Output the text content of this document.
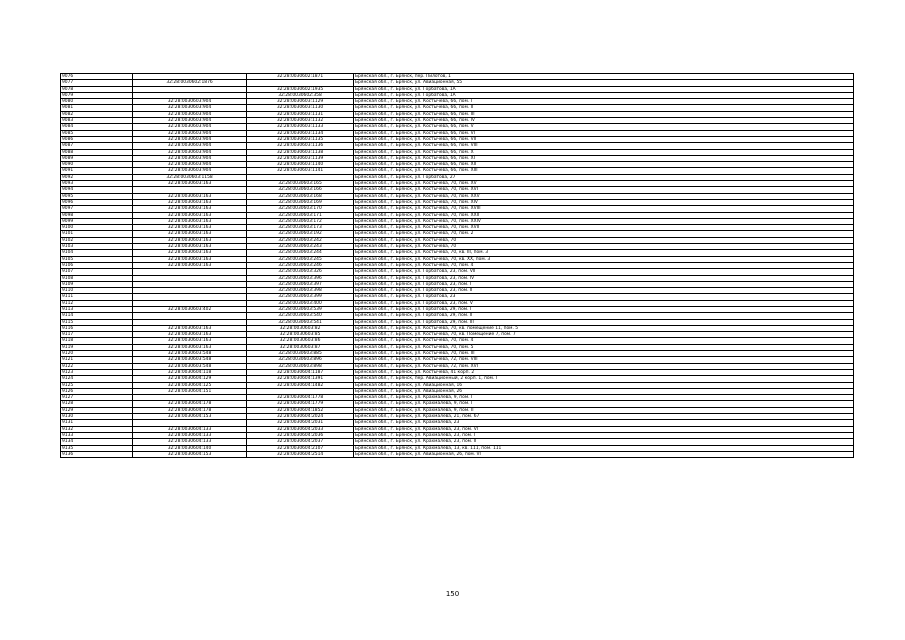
9076		32:28:0030602:1871	Брянская обл., г. Брянск, пер. Пилотов, 1
9077	32:28:0030602:1876		Брянская обл., г. Брянск, ул. Авиационная, 55
9078		32:28:0030602:1935	Брянская обл., г. Брянск, ул. Горбатова, 1А
9079		32:28:0030602:358	Брянская обл., г. Брянск, ул. Горбатова, 1А
9080	32:28:0030603:904	32:28:0030603:1129	Брянская обл., г. Брянск, ул. Костычева, 66, пом. I
9081	32:28:0030603:904	32:28:0030603:1130	Брянская обл., г. Брянск, ул. Костычева, 66, пом. II
9082	32:28:0030603:904	32:28:0030603:1131	Брянская обл., г. Брянск, ул. Костычева, 66, пом. III
9083	32:28:0030603:904	32:28:0030603:1132	Брянская обл., г. Брянск, ул. Костычева, 66, пом. IV
9084	32:28:0030603:904	32:28:0030603:1133	Брянская обл., г. Брянск, ул. Костычева, 66, пом. V
9085	32:28:0030603:904	32:28:0030603:1134	Брянская обл., г. Брянск, ул. Костычева, 66, пом. VI
9086	32:28:0030603:904	32:28:0030603:1135	Брянская обл., г. Брянск, ул. Костычева, 66, пом. VII
9087	32:28:0030603:904	32:28:0030603:1136	Брянская обл., г. Брянск, ул. Костычева, 66, пом. VIII
9088	32:28:0030603:904	32:28:0030603:1138	Брянская обл., г. Брянск, ул. Костычева, 66, пом. X
9089	32:28:0030603:904	32:28:0030603:1139	Брянская обл., г. Брянск, ул. Костычева, 66, пом. XI
9090	32:28:0030603:904	32:28:0030603:1140	Брянская обл., г. Брянск, ул. Костычева, 66, пом. XII
9091	32:28:0030603:904	32:28:0030603:1141	Брянская обл., г. Брянск, ул. Костычева, 66, пом. XIII
9092	32:28:0030603:1158		Брянская обл., г. Брянск, ул. Горбатова, 27
9093	32:28:0030603:163	32:28:0030603:165	Брянская обл., г. Брянск, ул. Костычева, 70, пом. XV
9094		32:28:0030603:166	Брянская обл., г. Брянск, ул. Костычева, 70, пом. XVI
9095	32:28:0030603:163	32:28:0030603:168	Брянская обл., г. Брянск, ул. Костычева, 70, пом. XXV
9096	32:28:0030603:163	32:28:0030603:169	Брянская обл., г. Брянск, ул. Костычева, 70, пом. XIV
9097	32:28:0030603:163	32:28:0030603:170	Брянская обл., г. Брянск, ул. Костычева, 70, пом. XVIII
9098	32:28:0030603:163	32:28:0030603:171	Брянская обл., г. Брянск, ул. Костычева, 70, пом. XXII
9099	32:28:0030603:163	32:28:0030603:172	Брянская обл., г. Брянск, ул. Костычева, 70, пом. XXIV
9100	32:28:0030603:163	32:28:0030603:173	Брянская обл., г. Брянск, ул. Костычева, 70, пом. XVII
9101	32:28:0030603:163	32:28:0030603:192	Брянская обл., г. Брянск, ул. Костычева, 70, пом. 2
9102	32:28:0030603:163	32:28:0030603:242	Брянская обл., г. Брянск, ул. Костычева, 70
9103	32:28:0030603:163	32:28:0030603:243	Брянская обл., г. Брянск, ул. Костычева, 70
9104	32:28:0030603:163	32:28:0030603:244	Брянская обл., г. Брянск, ул. Костычева, 70, кв. III, пом. 3
9105	32:28:0030603:163	32:28:0030603:245	Брянская обл., г. Брянск, ул. Костычева, 70, кв. XX, пом. 3
9106	32:28:0030603:163	32:28:0030603:246	Брянская обл., г. Брянск, ул. Костычева, 70, пом. 4
9107		32:28:0030603:326	Брянская обл., г. Брянск, ул. Горбатова, 23, пом. VII
9108		32:28:0030603:396	Брянская обл., г. Брянск, ул. Горбатова, 23, пом. IV
9109		32:28:0030603:397	Брянская обл., г. Брянск, ул. Горбатова, 23, пом. I
9110		32:28:0030603:398	Брянская обл., г. Брянск, ул. Горбатова, 23, пом. II
9111		32:28:0030603:399	Брянская обл., г. Брянск, ул. Горбатова, 23
9112		32:28:0030603:400	Брянская обл., г. Брянск, ул. Горбатова, 23, пом. V
9113	32:28:0030603:402	32:28:0030603:539	Брянская обл., г. Брянск, ул. Горбатова, 29, пом. I
9114		32:28:0030603:540	Брянская обл., г. Брянск, ул. Горбатова, 29, пом. II
9115		32:28:0030603:541	Брянская обл., г. Брянск, ул. Горбатова, 29, пом. III
9116	32:28:0030603:163	32:28:0030603:82	Брянская обл., г. Брянск, ул. Костычева, 70, кв. помещение 11, пом. 5
9117	32:28:0030603:163	32:28:0030603:85	Брянская обл., г. Брянск, ул. Костычева, 70, кв. Помещение 7, пом. 7
9118	32:28:0030603:163	32:28:0030603:86	Брянская обл., г. Брянск, ул. Костычева, 70, пом. 4
9119	32:28:0030603:163	32:28:0030603:87	Брянская обл., г. Брянск, ул. Костычева, 70, пом. 5
9120	32:28:0030603:548	32:28:0030603:885	Брянская обл., г. Брянск, ул. Костычева, 70, пом. III
9121	32:28:0030603:548	32:28:0030603:896	Брянская обл., г. Брянск, ул. Костычева, 72, пом. VIII
9122	32:28:0030603:548	32:28:0030603:898	Брянская обл., г. Брянск, ул. Костычева, 72, пом. XVI
9123	32:28:0030604:118	32:28:0030604:1187	Брянская обл., г. Брянск, ул. Костычева, 41 корп. 2
9124	32:28:0030604:129	32:28:0030604:1391	Брянская обл., г. Брянск, пер. Авиационный, 2 корп. 1, пом. I
9125	32:28:0030604:125	32:28:0030604:1482	Брянская обл., г. Брянск, ул. Авиационная, 16
9126	32:28:0030604:151		Брянская обл., г. Брянск, ул. Авиационная, 26
9127		32:28:0030604:1778	Брянская обл., г. Брянск, ул. Крахмалёва, 9, пом. I
9128	32:28:0030604:178	32:28:0030604:1779	Брянская обл., г. Брянск, ул. Крахмалёва, 9, пом. I
9129	32:28:0030604:178	32:28:0030604:1852	Брянская обл., г. Брянск, ул. Крахмалёва, 9, пом. II
9130	32:28:0030604:153	32:28:0030604:2024	Брянская обл., г. Брянск, ул. Крахмалёва, 21, пом. 67
9131		32:28:0030604:2031	Брянская обл., г. Брянск, ул. Крахмалёва, 23
9132	32:28:0030604:133	32:28:0030604:2033	Брянская обл., г. Брянск, ул. Крахмалёва, 23, пом. VI
9133	32:28:0030604:133	32:28:0030604:2036	Брянская обл., г. Брянск, ул. Крахмалёва, 23, пом. I
9134	32:28:0030604:133	32:28:0030604:2037	Брянская обл., г. Брянск, ул. Крахмалёва, 23, пом. II
9135	32:28:0030604:140	32:28:0030604:2107	Брянская обл., г. Брянск, ул. Крахмалёва, 13, кв. 111, пом. 111
9136	32:28:0030604:153	32:28:0030604:2514	Брянская обл., г. Брянск, ул. Авиационная, 26, пом. VI
150
